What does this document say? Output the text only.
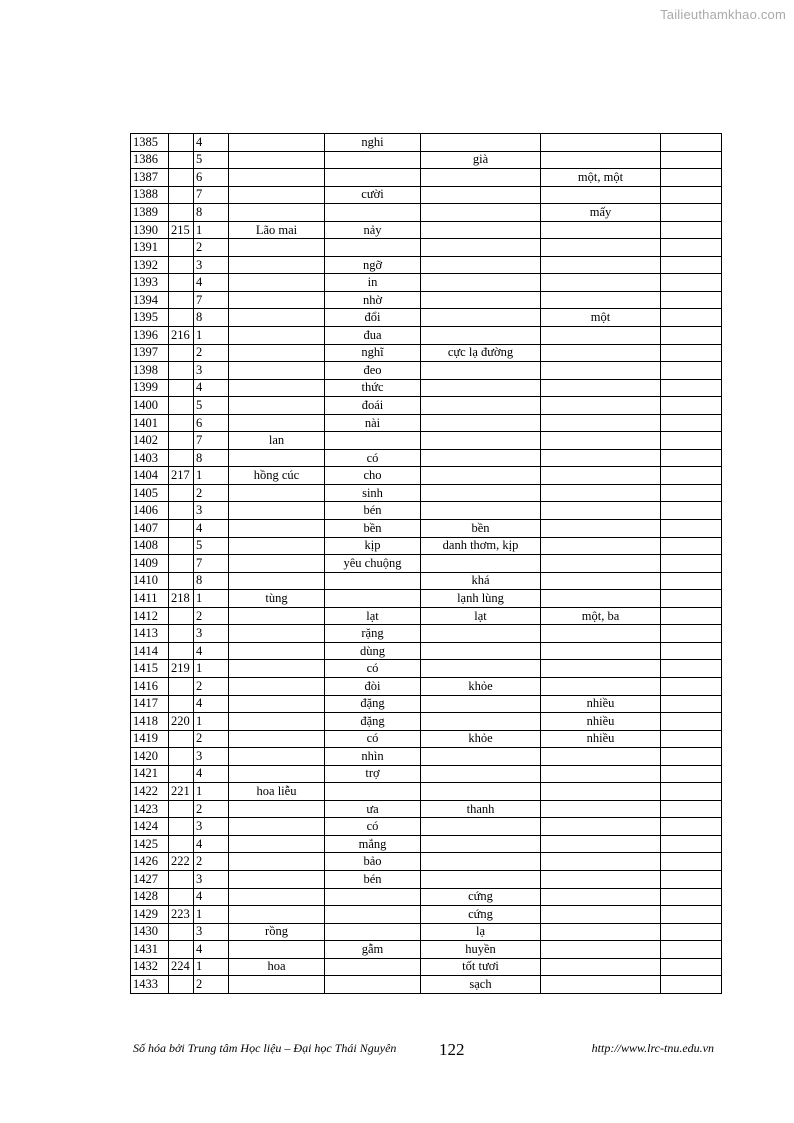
Tailieuthamkhao.com
1385		4		nghi			
1386		5			già		
1387		6				một, một	
1388		7		cười			
1389		8				mấy	
1390	215	1	Lão mai	nảy			
1391		2					
1392		3		ngỡ			
1393		4		in			
1394		7		nhờ			
1395		8		đổi		một	
1396	216	1		đua			
1397		2		nghĩ	cực lạ đường		
1398		3		đeo			
1399		4		thức			
1400		5		đoái			
1401		6		nài			
1402		7	lan				
1403		8		có			
1404	217	1	hồng cúc	cho			
1405		2		sinh			
1406		3		bén			
1407		4		bền	bền		
1408		5		kịp	danh thơm, kịp		
1409		7		yêu chuộng			
1410		8			khá		
1411	218	1	tùng		lạnh lùng		
1412		2		lạt	lạt	một, ba	
1413		3		rặng			
1414		4		dùng			
1415	219	1		có			
1416		2		đòi	khỏe		
1417		4		đặng		nhiều	
1418	220	1		đặng		nhiều	
1419		2		có	khỏe	nhiều	
1420		3		nhìn			
1421		4		trợ			
1422	221	1	hoa liễu				
1423		2		ưa	thanh		
1424		3		có			
1425		4		mắng			
1426	222	2		bảo			
1427		3		bén			
1428		4			cứng		
1429	223	1			cứng		
1430		3	rồng		lạ		
1431		4		gẫm	huyền		
1432	224	1	hoa		tốt tươi		
1433		2			sạch		
Số hóa bởi Trung tâm Học liệu – Đại học Thái Nguyên	122	http://www.lrc-tnu.edu.vn
